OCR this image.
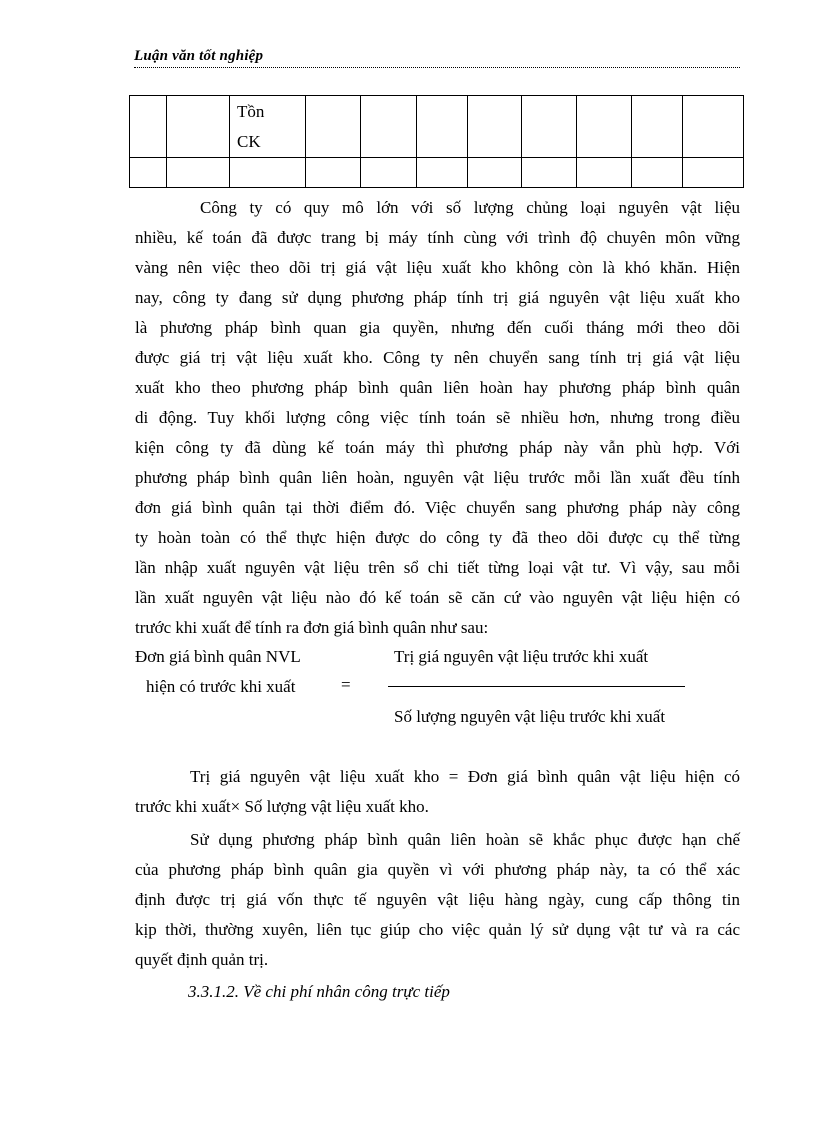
Luận văn tốt nghiệp

		Tồn
CK								

Công ty có quy mô lớn với số lượng chủng loại nguyên vật liệu
nhiều, kế toán đã được trang bị máy tính cùng với trình độ chuyên môn vững
vàng nên việc theo dõi trị giá vật liệu xuất kho không còn là khó khăn. Hiện
nay, công ty đang sử dụng phương pháp tính trị giá nguyên vật liệu xuất kho
là phương pháp bình quan gia quyền, nhưng đến cuối tháng mới theo dõi
được giá trị vật liệu xuất kho. Công ty nên chuyển sang tính trị giá vật liệu
xuất kho theo phương pháp bình quân liên hoàn hay phương pháp bình quân
di động. Tuy khối lượng công việc tính toán sẽ nhiều hơn, nhưng trong điều
kiện công ty đã dùng kế toán máy thì phương pháp này vẫn phù hợp. Với
phương pháp bình quân liên hoàn, nguyên vật liệu trước mỗi lần xuất đều tính
đơn giá bình quân tại thời điểm đó. Việc chuyển sang phương pháp này công
ty hoàn toàn có thể thực hiện được do công ty đã theo dõi được cụ thể từng
lần nhập xuất nguyên vật liệu trên sổ chi tiết từng loại vật tư. Vì vậy, sau mỗi
lần xuất nguyên vật liệu nào đó kế toán sẽ căn cứ vào nguyên vật liệu hiện có
trước khi xuất để tính ra đơn giá bình quân như sau:
Đơn giá bình quân NVL
hiện có trước khi xuất	=
Trị giá nguyên vật liệu trước khi xuất
Số lượng nguyên vật liệu trước khi xuất
Trị giá nguyên vật liệu xuất kho = Đơn giá bình quân vật liệu hiện có
trước khi xuất× Số lượng vật liệu xuất kho.
Sử dụng phương pháp bình quân liên hoàn sẽ khắc phục được hạn chế
của phương pháp bình quân gia quyền vì với phương pháp này, ta có thể xác
định được trị giá vốn thực tế nguyên vật liệu hàng ngày, cung cấp thông tin
kịp thời, thường xuyên, liên tục giúp cho việc quản lý sử dụng vật tư và ra các
quyết định quản trị.
3.3.1.2. Về chi phí nhân công trực tiếp
